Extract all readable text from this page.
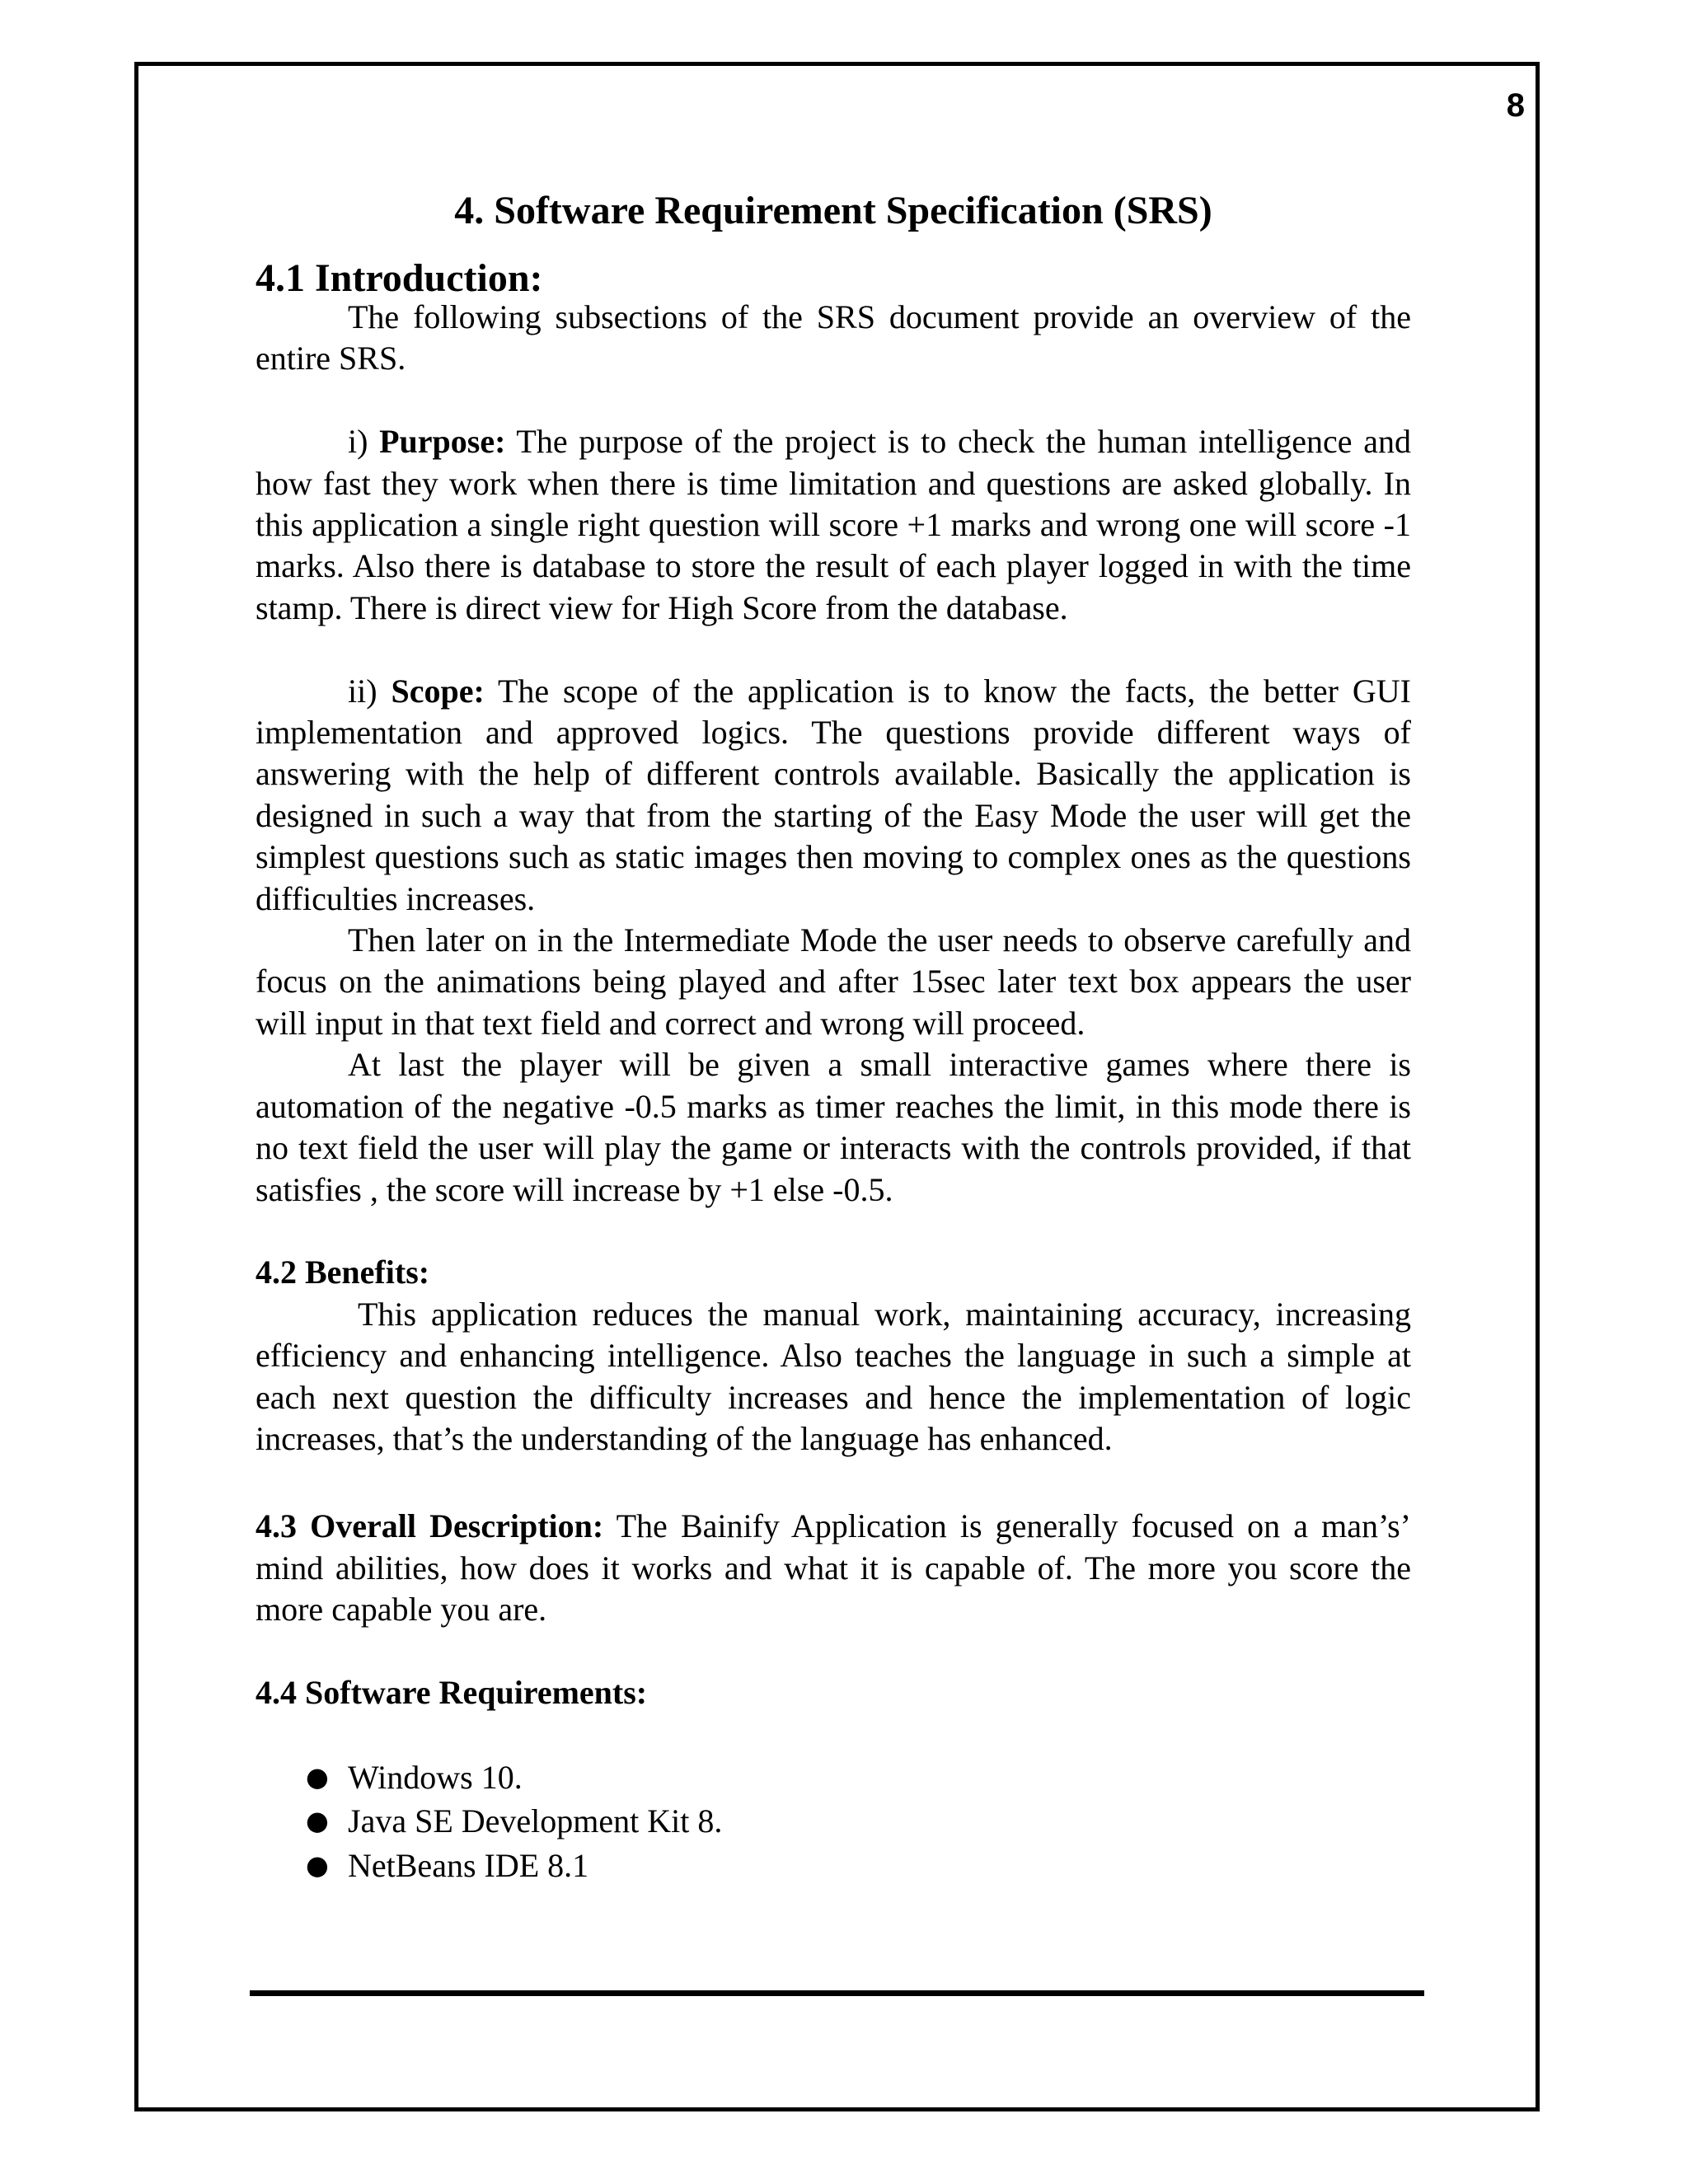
8
4. Software Requirement Specification (SRS)
4.1 Introduction:

The following subsections of the SRS document provide an overview of the entire SRS.

i) Purpose: The purpose of the project is to check the human intelligence and how fast they work when there is time limitation and questions are asked globally. In this application a single right question will score +1 marks and wrong one will score -1 marks. Also there is database to store the result of each player logged in with the time stamp. There is direct view for High Score from the database.

ii) Scope: The scope of the application is to know the facts, the better GUI implementation and approved logics. The questions provide different ways of answering with the help of different controls available. Basically the application is designed in such a way that from the starting of the Easy Mode the user will get the simplest questions such as static images then moving to complex ones as the questions difficulties increases.

Then later on in the Intermediate Mode the user needs to observe carefully and focus on the animations being played and after 15sec later text box appears the user will input in that text field and correct and wrong will proceed.

At last the player will be given a small interactive games where there is automation of the negative -0.5 marks as timer reaches the limit, in this mode there is no text field the user will play the game or interacts with the controls provided, if that satisfies , the score will increase by +1 else -0.5.

4.2 Benefits:

This application reduces the manual work, maintaining accuracy, increasing efficiency and enhancing intelligence. Also teaches the language in such a simple at each next question the difficulty increases and hence the implementation of logic increases, that’s the understanding of the language has enhanced.

4.3 Overall Description: The Bainify Application is generally focused on a man’s’ mind abilities, how does it works and what it is capable of. The more you score the more capable you are.

4.4 Software Requirements:
● Windows 10.
● Java SE Development Kit 8.
● NetBeans IDE 8.1
